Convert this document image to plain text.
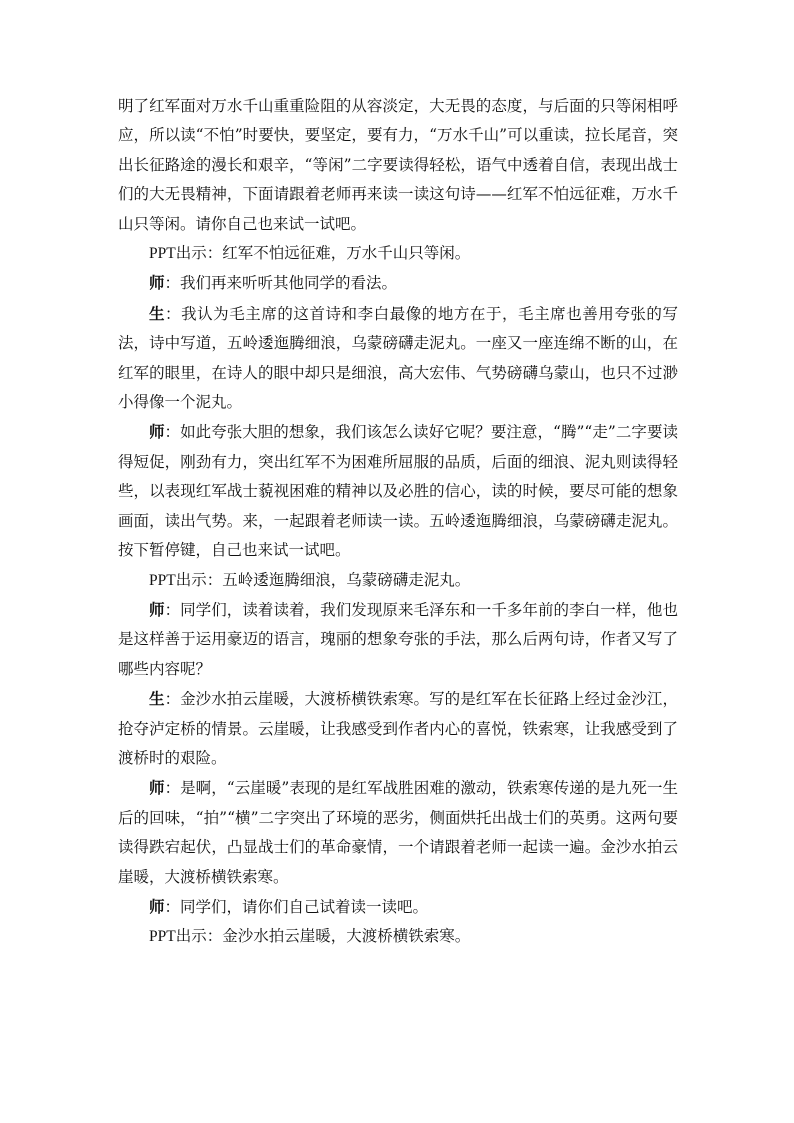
明了红军面对万水千山重重险阻的从容淡定，大无畏的态度，与后面的只等闲相呼应，所以读“不怕”时要快，要坚定，要有力，“万水千山”可以重读，拉长尾音，突出长征路途的漫长和艰辛，“等闲”二字要读得轻松，语气中透着自信，表现出战士们的大无畏精神，下面请跟着老师再来读一读这句诗——红军不怕远征难，万水千山只等闲。请你自己也来试一试吧。

PPT出示：红军不怕远征难，万水千山只等闲。

师：我们再来听听其他同学的看法。

生：我认为毛主席的这首诗和李白最像的地方在于，毛主席也善用夸张的写法，诗中写道，五岭逶迤腾细浪，乌蒙磅礴走泥丸。一座又一座连绵不断的山，在红军的眼里，在诗人的眼中却只是细浪，高大宏伟、气势磅礴乌蒙山，也只不过渺小得像一个泥丸。

师：如此夸张大胆的想象，我们该怎么读好它呢？要注意，“腾”“走”二字要读得短促，刚劲有力，突出红军不为困难所屈服的品质，后面的细浪、泥丸则读得轻些，以表现红军战士藐视困难的精神以及必胜的信心，读的时候，要尽可能的想象画面，读出气势。来，一起跟着老师读一读。五岭逶迤腾细浪，乌蒙磅礴走泥丸。按下暂停键，自己也来试一试吧。

PPT出示：五岭逶迤腾细浪，乌蒙磅礴走泥丸。

师：同学们，读着读着，我们发现原来毛泽东和一千多年前的李白一样，他也是这样善于运用豪迈的语言，瑰丽的想象夸张的手法，那么后两句诗，作者又写了哪些内容呢？

生：金沙水拍云崖暖，大渡桥横铁索寒。写的是红军在长征路上经过金沙江，抢夺泸定桥的情景。云崖暖，让我感受到作者内心的喜悦，铁索寒，让我感受到了渡桥时的艰险。

师：是啊，“云崖暖”表现的是红军战胜困难的激动，铁索寒传递的是九死一生后的回味，“拍”“横”二字突出了环境的恶劣，侧面烘托出战士们的英勇。这两句要读得跌宕起伏，凸显战士们的革命豪情，一个请跟着老师一起读一遍。金沙水拍云崖暖，大渡桥横铁索寒。

师：同学们，请你们自己试着读一读吧。

PPT出示：金沙水拍云崖暖，大渡桥横铁索寒。
